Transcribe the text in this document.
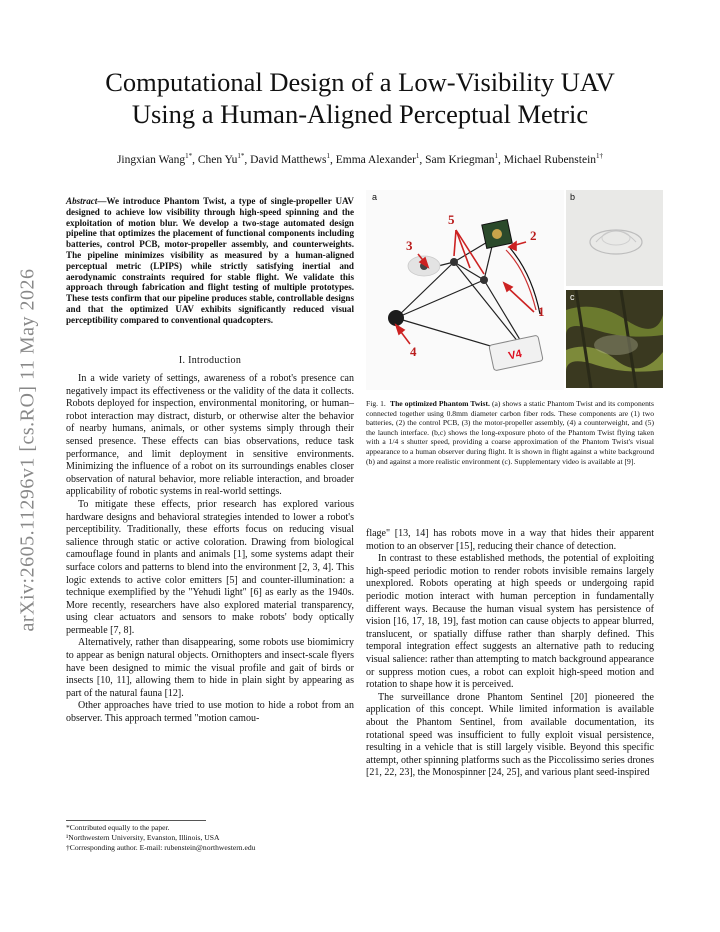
arXiv:2605.11296v1 [cs.RO] 11 May 2026
Computational Design of a Low-Visibility UAV
Using a Human-Aligned Perceptual Metric
Jingxian Wang$^{1*}$, Chen $Yu^{1*}$, David Matthews$^1$, Emma Alexander$^1$, Sam Kriegman$^1$, Michael Rubenstein$^{1\dagger}$
Abstract—We introduce Phantom Twist, a type of single-propeller UAV designed to achieve low visibility through high-speed spinning and the exploitation of motion blur. We develop a two-stage automated design pipeline that optimizes the placement of functional components including batteries, control PCB, motor-propeller assembly, and counterweights. The pipeline minimizes visibility as measured by a human-aligned perceptual metric (LPIPS) while strictly satisfying inertial and aerodynamic constraints required for stable flight. We validate this approach through fabrication and flight testing of multiple prototypes. These tests confirm that our pipeline produces stable, controllable designs and that the optimized UAV exhibits significantly reduced visual perceptibility compared to conventional quadcopters.
I. Introduction

In a wide variety of settings, awareness of a robot's presence can negatively impact its effectiveness or the validity of the data it collects. Robots deployed for inspection, environmental monitoring, or human–robot interaction may distract, disturb, or otherwise alter the behavior of nearby humans, animals, or other systems simply through their sensed presence. These effects can bias observations, reduce task performance, and limit deployment in sensitive environments. Minimizing the influence of a robot on its surroundings enables closer observation of natural behavior, more reliable interaction, and broader applicability of robotic systems in real-world settings.

To mitigate these effects, prior research has explored various hardware designs and behavioral strategies intended to lower a robot's perceptibility. Traditionally, these efforts focus on reducing visual salience through static or active coloration. Drawing from biological camouflage found in plants and animals [1], some systems adapt their surface colors and patterns to blend into the environment [2, 3, 4]. This logic extends to active color emitters [5] and counter-illumination: a technique exemplified by the "Yehudi light" [6] as early as the 1940s. More recently, researchers have also explored material transparency, using clear actuators and sensors to make robots' body optically permeable [7, 8].

Alternatively, rather than disappearing, some robots use biomimicry to appear as benign natural objects. Ornithopters and insect-scale flyers have been designed to mimic the visual profile and gait of birds or insects [10, 11], allowing them to hide in plain sight by appearing as part of the natural fauna [12].

Other approaches have tried to use motion to hide a robot from an observer. This approach termed "motion camou-

*Contributed equally to the paper.
¹Northwestern University, Evanston, Illinois, USA
†Corresponding author. E-mail: rubenstein@northwestern.edu
V4
1
2
3
4
5
a	b
c
Fig. 1. The optimized Phantom Twist. (a) shows a static Phantom Twist and its components connected together using 0.8mm diameter carbon fiber rods. These components are (1) two batteries, (2) the control PCB, (3) the motor-propeller assembly, (4) a counterweight, and (5) the launch interface. (b,c) shows the long-exposure photo of the Phantom Twist flying taken with a 1/4 s shutter speed, providing a coarse approximation of the Phantom Twist's visual appearance to a human observer during flight. It is shown in flight against a white background (b) and against a more realistic environment (c). Supplementary video is available at [9].

flage" [13, 14] has robots move in a way that hides their apparent motion to an observer [15], reducing their chance of detection.

In contrast to these established methods, the potential of exploiting high-speed periodic motion to render robots invisible remains largely unexplored. Robots operating at high speeds or undergoing rapid periodic motion interact with human perception in fundamentally different ways. Because the human visual system has persistence of vision [16, 17, 18, 19], fast motion can cause objects to appear blurred, translucent, or spatially diffuse rather than sharply defined. This temporal integration effect suggests an alternative path to reducing visual salience: rather than attempting to match background appearance or suppress motion cues, a robot can exploit high-speed motion and rotation to shape how it is perceived.

The surveillance drone Phantom Sentinel [20] pioneered the application of this concept. While limited information is available about the Phantom Sentinel, from available documentation, its rotational speed was insufficient to fully exploit visual persistence, resulting in a vehicle that is still largely visible. Beyond this specific attempt, other spinning platforms such as the Piccolissimo series drones [21, 22, 23], the Monospinner [24, 25], and various plant seed-inspired
